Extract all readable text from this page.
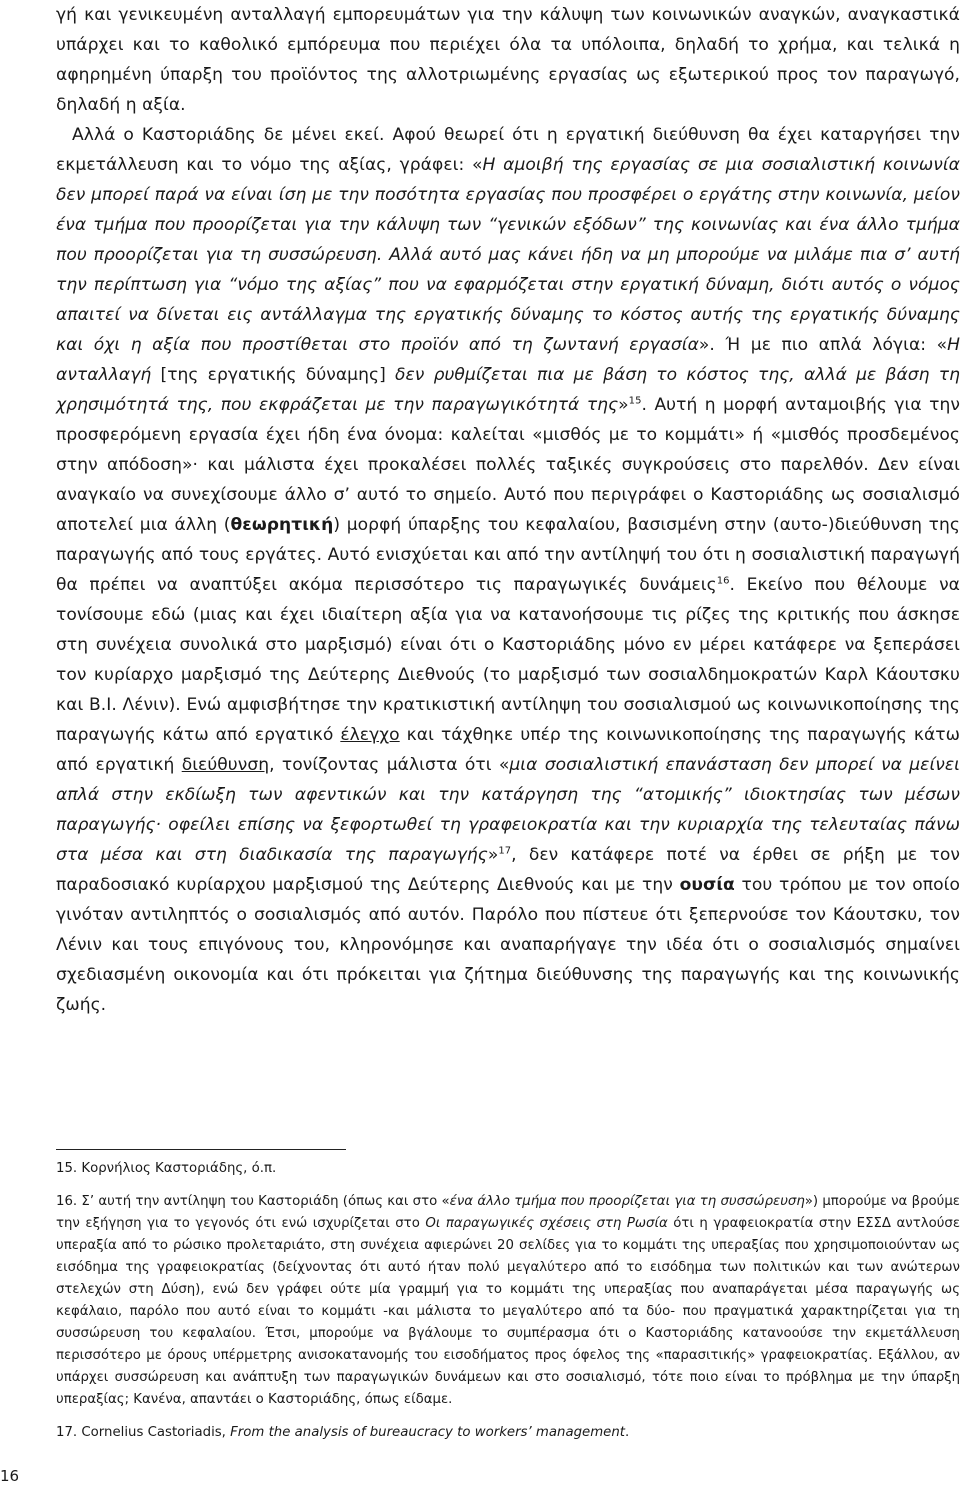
γή και γενικευμένη ανταλλαγή εμπορευμάτων για την κάλυψη των κοινωνικών αναγκών, αναγκαστικά υπάρχει και το καθολικό εμπόρευμα που περιέχει όλα τα υπόλοιπα, δηλαδή το χρήμα, και τελικά η αφηρημένη ύπαρξη του προϊόντος της αλλοτριωμένης εργασίας ως εξωτερικού προς τον παραγωγό, δηλαδή η αξία.

Αλλά ο Καστοριάδης δε μένει εκεί. Αφού θεωρεί ότι η εργατική διεύθυνση θα έχει καταργήσει την εκμετάλλευση και το νόμο της αξίας, γράφει: «Η αμοιβή της εργασίας σε μια σοσιαλιστική κοινωνία δεν μπορεί παρά να είναι ίση με την ποσότητα εργασίας που προσφέρει ο εργάτης στην κοινωνία, μείον ένα τμήμα που προορίζεται για την κάλυψη των “γενικών εξόδων” της κοινωνίας και ένα άλλο τμήμα που προορίζεται για τη συσσώρευση. Αλλά αυτό μας κάνει ήδη να μη μπορούμε να μιλάμε πια σ’ αυτή την περίπτωση για “νόμο της αξίας” που να εφαρμόζεται στην εργατική δύναμη, διότι αυτός ο νόμος απαιτεί να δίνεται εις αντάλλαγμα της εργατικής δύναμης το κόστος αυτής της εργατικής δύναμης και όχι η αξία που προστίθεται στο προϊόν από τη ζωντανή εργασία». Ή με πιο απλά λόγια: «Η ανταλλαγή [της εργατικής δύναμης] δεν ρυθμίζεται πια με βάση το κόστος της, αλλά με βάση τη χρησιμότητά της, που εκφράζεται με την παραγωγικότητά της»$^{15}$. Αυτή η μορφή ανταμοιβής για την προσφερόμενη εργασία έχει ήδη ένα όνομα: καλείται «μισθός με το κομμάτι» ή «μισθός προσδεμένος στην απόδοση»· και μάλιστα έχει προκαλέσει πολλές ταξικές συγκρούσεις στο παρελθόν. Δεν είναι αναγκαίο να συνεχίσουμε άλλο σ’ αυτό το σημείο. Αυτό που περιγράφει ο Καστοριάδης ως σοσιαλισμό αποτελεί μια άλλη (θεωρητική) μορφή ύπαρξης του κεφαλαίου, βασισμένη στην (αυτο-)διεύθυνση της παραγωγής από τους εργάτες. Αυτό ενισχύεται και από την αντίληψή του ότι η σοσιαλιστική παραγωγή θα πρέπει να αναπτύξει ακόμα περισσότερο τις παραγωγικές δυνάμεις$^{16}$. Εκείνο που θέλουμε να τονίσουμε εδώ (μιας και έχει ιδιαίτερη αξία για να κατανοήσουμε τις ρίζες της κριτικής που άσκησε στη συνέχεια συνολικά στο μαρξισμό) είναι ότι ο Καστοριάδης μόνο εν μέρει κατάφερε να ξεπεράσει τον κυρίαρχο μαρξισμό της Δεύτερης Διεθνούς (το μαρξισμό των σοσιαλδημοκρατών Καρλ Κάουτσκυ και Β.Ι. Λένιν). Ενώ αμφισβήτησε την κρατικιστική αντίληψη του σοσιαλισμού ως κοινωνικοποίησης της παραγωγής κάτω από εργατικό έλεγχο και τάχθηκε υπέρ της κοινωνικοποίησης της παραγωγής κάτω από εργατική διεύθυνση, τονίζοντας μάλιστα ότι «μια σοσιαλιστική επανάσταση δεν μπορεί να μείνει απλά στην εκδίωξη των αφεντικών και την κατάργηση της “ατομικής” ιδιοκτησίας των μέσων παραγωγής· οφείλει επίσης να ξεφορτωθεί τη γραφειοκρατία και την κυριαρχία της τελευταίας πάνω στα μέσα και στη διαδικασία της παραγωγής»$^{17}$, δεν κατάφερε ποτέ να έρθει σε ρήξη με τον παραδοσιακό κυρίαρχου μαρξισμού της Δεύτερης Διεθνούς και με την ουσία του τρόπου με τον οποίο γινόταν αντιληπτός ο σοσιαλισμός από αυτόν. Παρόλο που πίστευε ότι ξεπερνούσε τον Κάουτσκυ, τον Λένιν και τους επιγόνους του, κληρονόμησε και αναπαρήγαγε την ιδέα ότι ο σοσιαλισμός σημαίνει σχεδιασμένη οικονομία και ότι πρόκειται για ζήτημα διεύθυνσης της παραγωγής και της κοινωνικής ζωής.

15. Κορνήλιος Καστοριάδης, ό.π.

16. Σ’ αυτή την αντίληψη του Καστοριάδη (όπως και στο «ένα άλλο τμήμα που προορίζεται για τη συσσώρευση») μπορούμε να βρούμε την εξήγηση για το γεγονός ότι ενώ ισχυρίζεται στο Οι παραγωγικές σχέσεις στη Ρωσία ότι η γραφειοκρατία στην ΕΣΣΔ αντλούσε υπεραξία από το ρώσικο προλεταριάτο, στη συνέχεια αφιερώνει 20 σελίδες για το κομμάτι της υπεραξίας που χρησιμοποιούνταν ως εισόδημα της γραφειοκρατίας (δείχνοντας ότι αυτό ήταν πολύ μεγαλύτερο από το εισόδημα των πολιτικών και των ανώτερων στελεχών στη Δύση), ενώ δεν γράφει ούτε μία γραμμή για το κομμάτι της υπεραξίας που αναπαράγεται μέσα παραγωγής ως κεφάλαιο, παρόλο που αυτό είναι το κομμάτι -και μάλιστα το μεγαλύτερο από τα δύο- που πραγματικά χαρακτηρίζεται για τη συσσώρευση του κεφαλαίου. Έτσι, μπορούμε να βγάλουμε το συμπέρασμα ότι ο Καστοριάδης κατανοούσε την εκμετάλλευση περισσότερο με όρους υπέρμετρης ανισοκατανομής του εισοδήματος προς όφελος της «παρασιτικής» γραφειοκρατίας. Εξάλλου, αν υπάρχει συσσώρευση και ανάπτυξη των παραγωγικών δυνάμεων και στο σοσιαλισμό, τότε ποιο είναι το πρόβλημα με την ύπαρξη υπεραξίας; Κανένα, απαντάει ο Καστοριάδης, όπως είδαμε.

17. Cornelius Castoriadis, From the analysis of bureaucracy to workers’ management.

16
